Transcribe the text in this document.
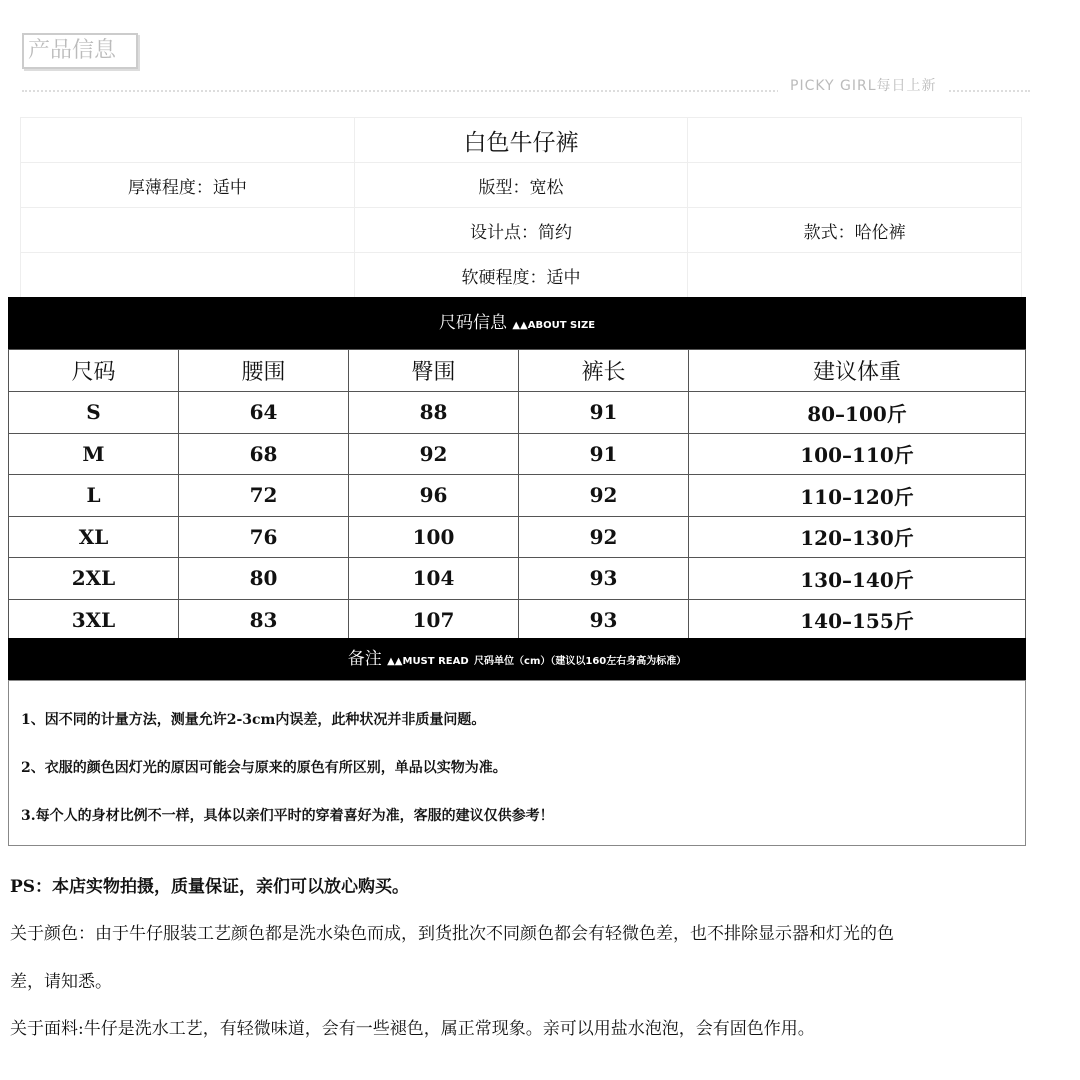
产品信息
PICKY GIRL每日上新
	白色牛仔裤	
厚薄程度：适中	版型：宽松	
	设计点：简约	款式：哈伦裤
	软硬程度：适中	
尺码信息 ▲▲ABOUT SIZE
尺码	腰围	臀围	裤长	建议体重
S	64	88	91	80–100斤
M	68	92	91	100–110斤
L	72	96	92	110–120斤
XL	76	100	92	120–130斤
2XL	80	104	93	130–140斤
3XL	83	107	93	140–155斤
备注 ▲▲MUST READ 尺码单位（cm）（建议以160左右身高为标准）

1、因不同的计量方法，测量允许2-3cm内误差，此种状况并非质量问题。

2、衣服的颜色因灯光的原因可能会与原来的原色有所区别，单品以实物为准。

3.每个人的身材比例不一样，具体以亲们平时的穿着喜好为准，客服的建议仅供参考！

PS：本店实物拍摄，质量保证，亲们可以放心购买。
关于颜色：由于牛仔服装工艺颜色都是洗水染色而成，到货批次不同颜色都会有轻微色差，也不排除显示器和灯光的色
差，请知悉。
关于面料:牛仔是洗水工艺，有轻微味道，会有一些褪色，属正常现象。亲可以用盐水泡泡，会有固色作用。
